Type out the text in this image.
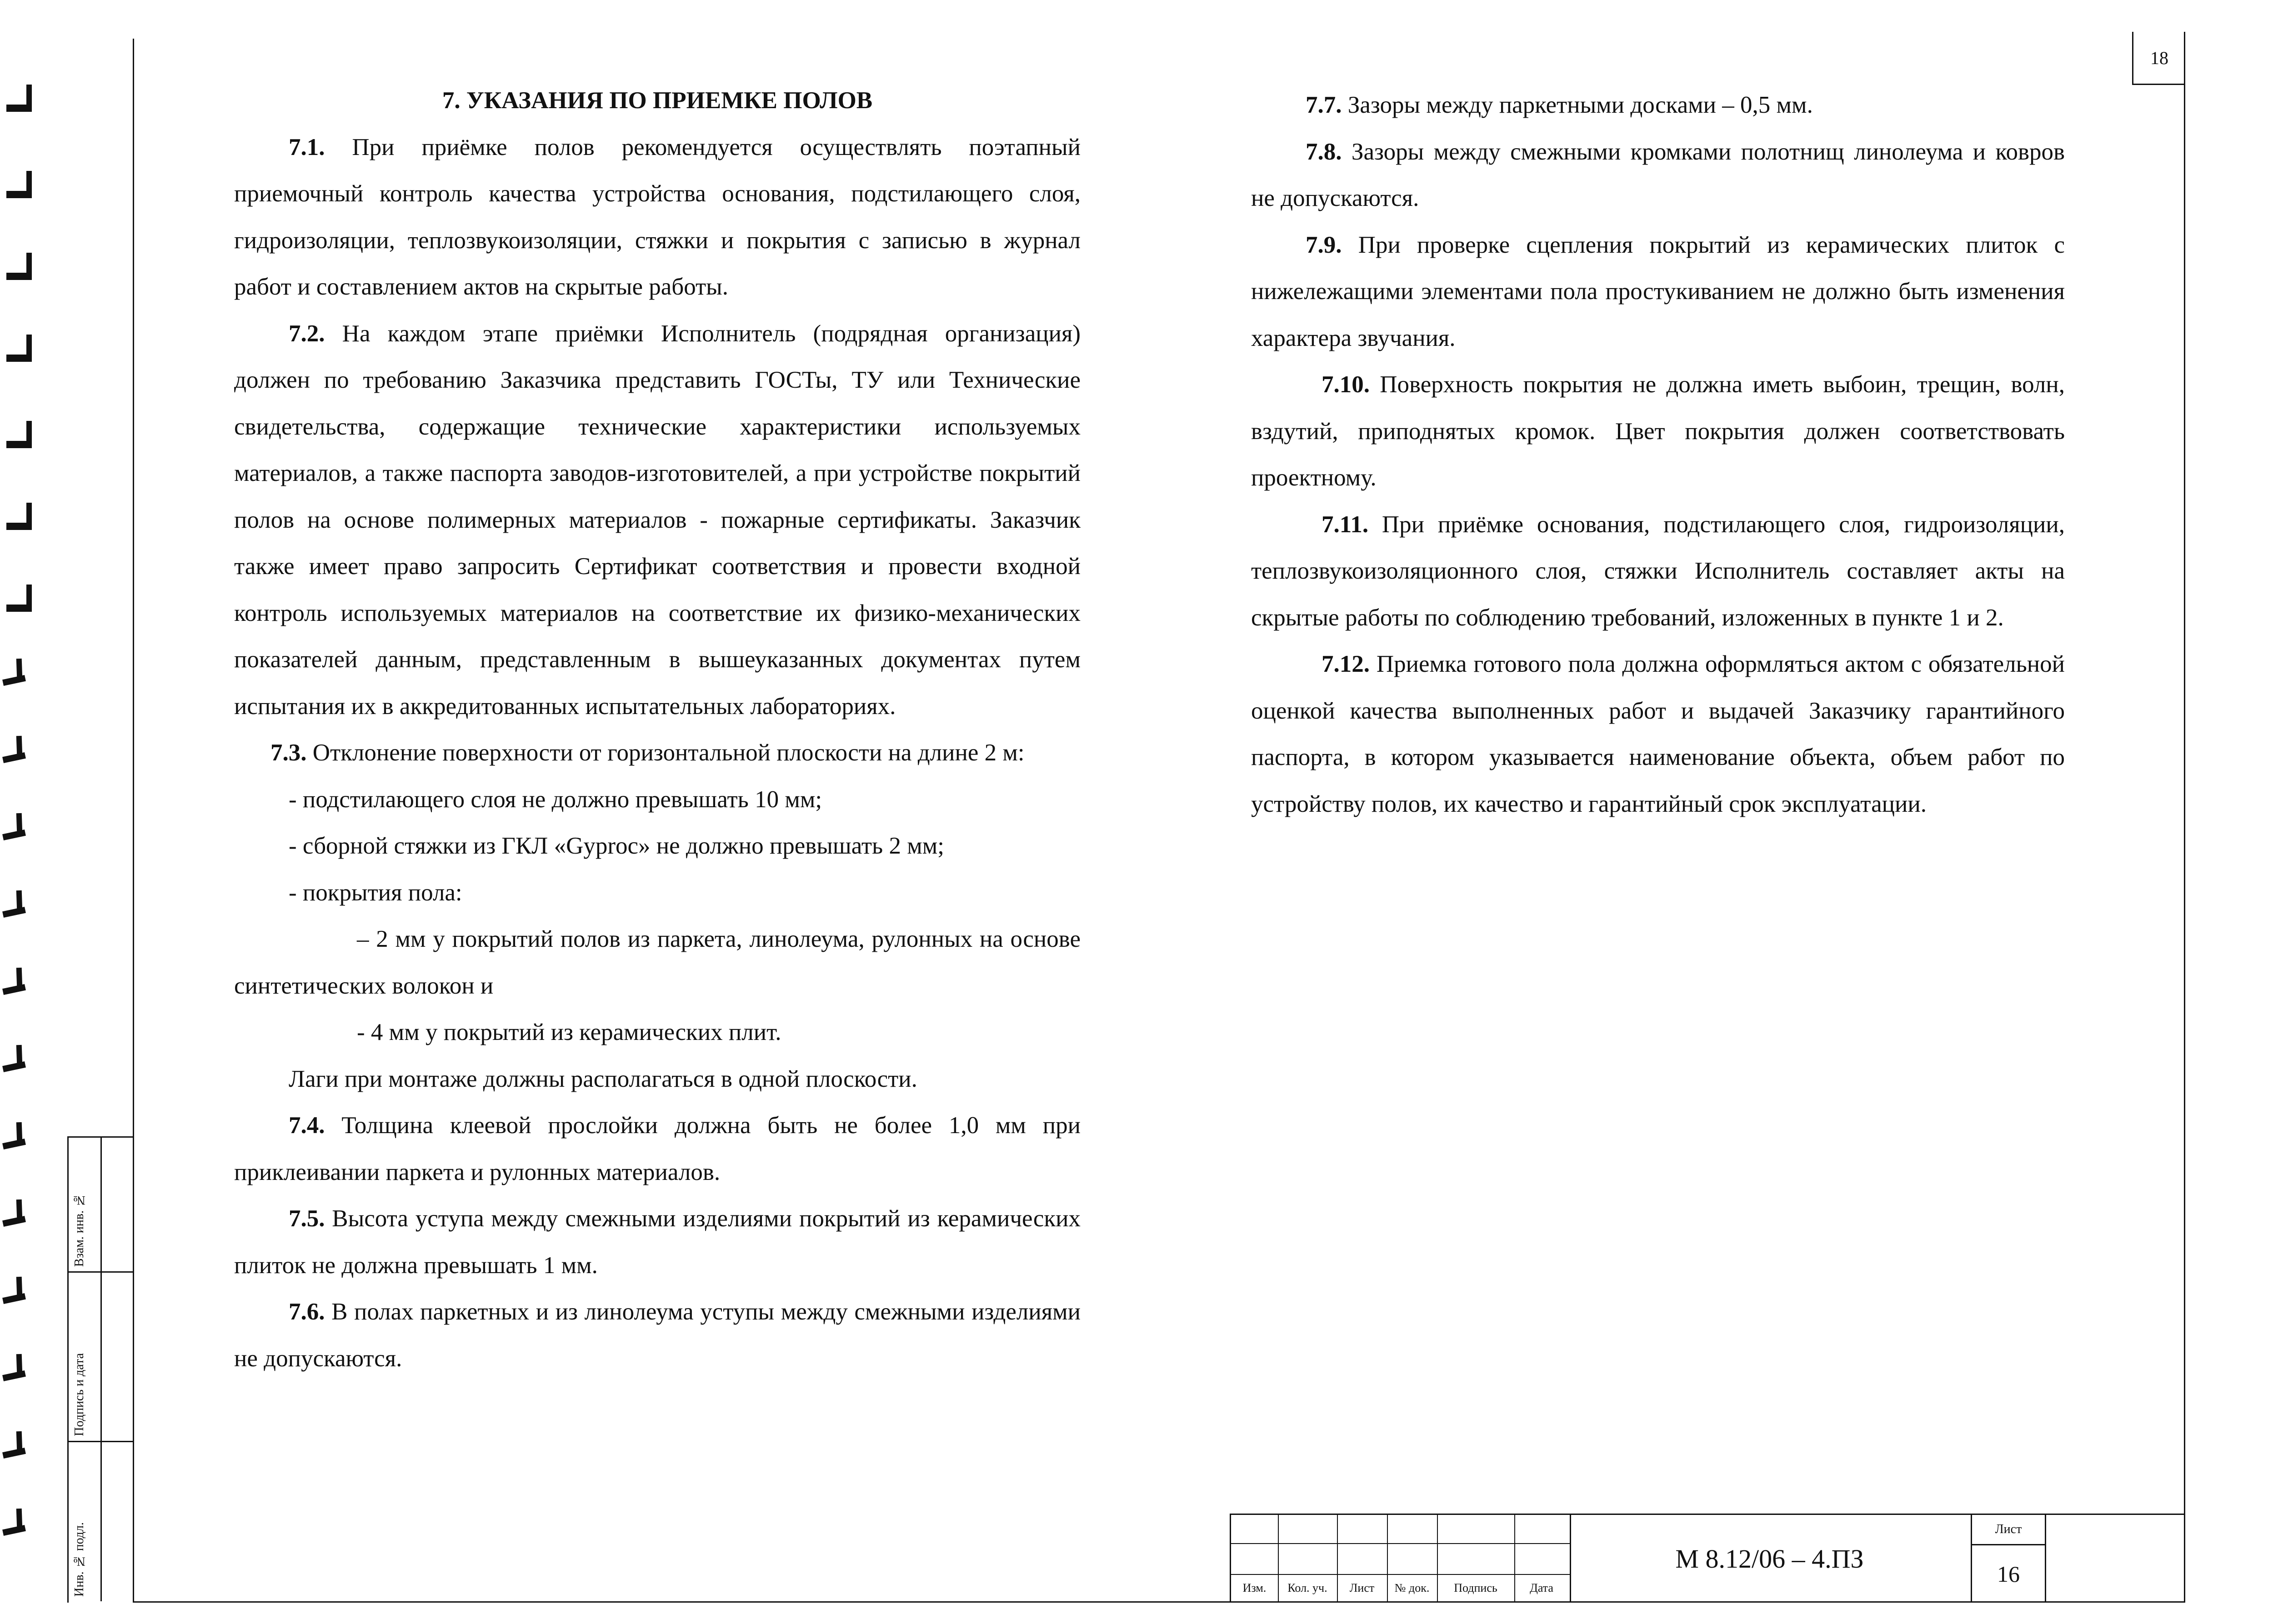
18
Взам. инв. №
Подпись и дата
Инв. № подл.

7. УКАЗАНИЯ ПО ПРИЕМКЕ ПОЛОВ

7.1. При приёмке полов рекомендуется осуществлять поэтапный приемочный контроль качества устройства основания, подстилающего слоя, гидроизоляции, теплозвукоизоляции, стяжки и покрытия с записью в журнал работ и составлением актов на скрытые работы.

7.2. На каждом этапе приёмки Исполнитель (подрядная организация) должен по требованию Заказчика представить ГОСТы, ТУ или Технические свидетельства, содержащие технические характеристики используемых материалов, а также паспорта заводов-изготовителей, а при устройстве покрытий полов на основе полимерных материалов - пожарные сертификаты. Заказчик также имеет право запросить Сертификат соответствия и провести входной контроль используемых материалов на соответствие их физико-механических показателей данным, представленным в вышеуказанных документах путем испытания их в аккредитованных испытательных лабораториях.

7.3. Отклонение поверхности от горизонтальной плоскости на длине 2 м:

- подстилающего слоя не должно превышать 10 мм;

- сборной стяжки из ГКЛ «Gyproc» не должно превышать 2 мм;

- покрытия пола:

– 2 мм у покрытий полов из паркета, линолеума, рулонных на основе синтетических волокон и

- 4 мм у покрытий из керамических плит.

Лаги при монтаже должны располагаться в одной плоскости.

7.4. Толщина клеевой прослойки должна быть не более 1,0 мм при приклеивании паркета и рулонных материалов.

7.5. Высота уступа между смежными изделиями покрытий из керамических плиток не должна превышать 1 мм.

7.6. В полах паркетных и из линолеума уступы между смежными изделиями не допускаются.

7.7. Зазоры между паркетными досками – 0,5 мм.

7.8. Зазоры между смежными кромками полотнищ линолеума и ковров не допускаются.

7.9. При проверке сцепления покрытий из керамических плиток с нижележащими элементами пола простукиванием не должно быть изменения характера звучания.

7.10. Поверхность покрытия не должна иметь выбоин, трещин, волн, вздутий, приподнятых кромок. Цвет покрытия должен соответствовать проектному.

7.11. При приёмке основания, подстилающего слоя, гидроизоляции, теплозвукоизоляционного слоя, стяжки Исполнитель составляет акты на скрытые работы по соблюдению требований, изложенных в пункте 1 и 2.

7.12. Приемка готового пола должна оформляться актом с обязательной оценкой качества выполненных работ и выдачей Заказчику гарантийного паспорта, в котором указывается наименование объекта, объем работ по устройству полов, их качество и гарантийный срок эксплуатации.

Изм.	Кол. уч.	Лист	№ док.	Подпись	Дата
М 8.12/06 – 4.ПЗ
Лист
16
